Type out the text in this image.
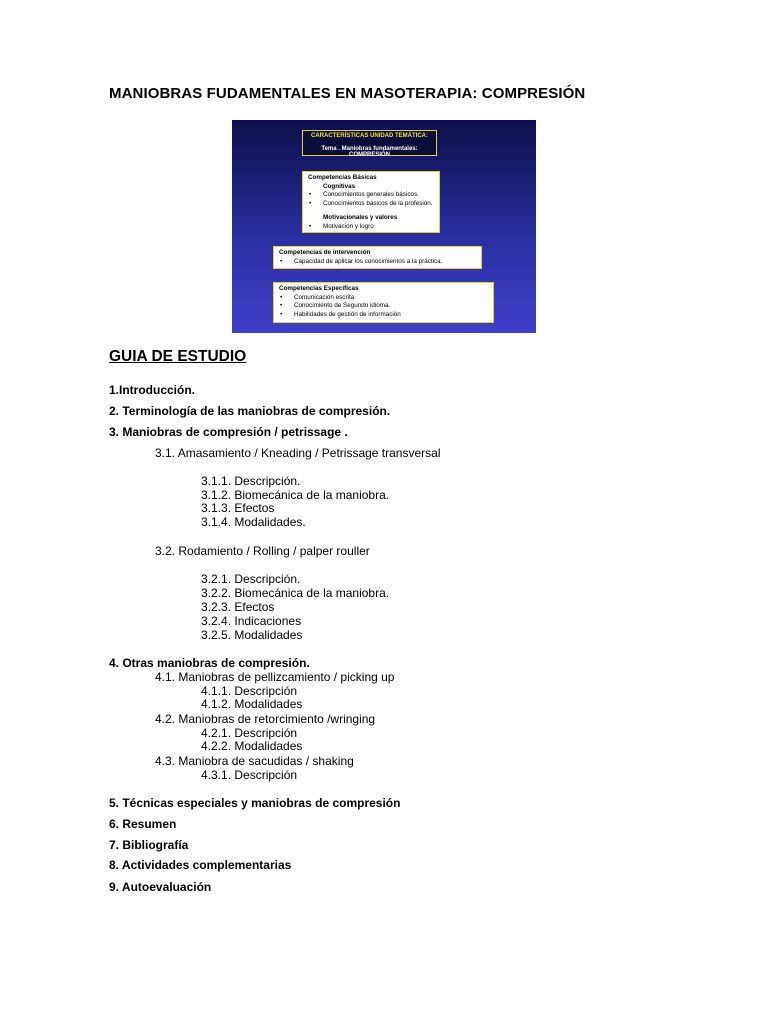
MANIOBRAS FUDAMENTALES EN MASOTERAPIA: COMPRESIÓN
CARACTERÍSTICAS UNIDAD TEMÁTICA:
Tema . Maniobras fundamentales: COMPRESIÓN
Competencias Básicas
Cognitivas
• Conocimientos generales básicos.
• Conocimientos básicos de la profesión.
Motivacionales y valores
• Motivación y logro
Competencias de intervención
• Capacidad de aplicar los conocimientos a la práctica.
Competencias Específicas
• Comunicación escrita
• Conocimiento de Segundo idioma.
• Habilidades de gestión de información
GUIA DE ESTUDIO
1.Introducción.
2. Terminología de las maniobras de compresión.
3. Maniobras de compresión / petrissage .
3.1. Amasamiento / Kneading / Petrissage transversal
3.1.1. Descripción.
3.1.2. Biomecánica de la maniobra.
3.1.3. Efectos
3.1.4. Modalidades.
3.2. Rodamiento / Rolling / palper rouller
3.2.1. Descripción.
3.2.2. Biomecánica de la maniobra.
3.2.3. Efectos
3.2.4. Indicaciones
3.2.5. Modalidades
4. Otras maniobras de compresión.
4.1. Maniobras de pellizcamiento / picking up
4.1.1. Descripción
4.1.2. Modalidades
4.2. Maniobras de retorcimiento /wringing
4.2.1. Descripción
4.2.2. Modalidades
4.3. Maniobra de sacudidas / shaking
4.3.1. Descripción
5. Técnicas especiales y maniobras de compresión
6. Resumen
7. Bibliografía
8. Actividades complementarias
9. Autoevaluación
